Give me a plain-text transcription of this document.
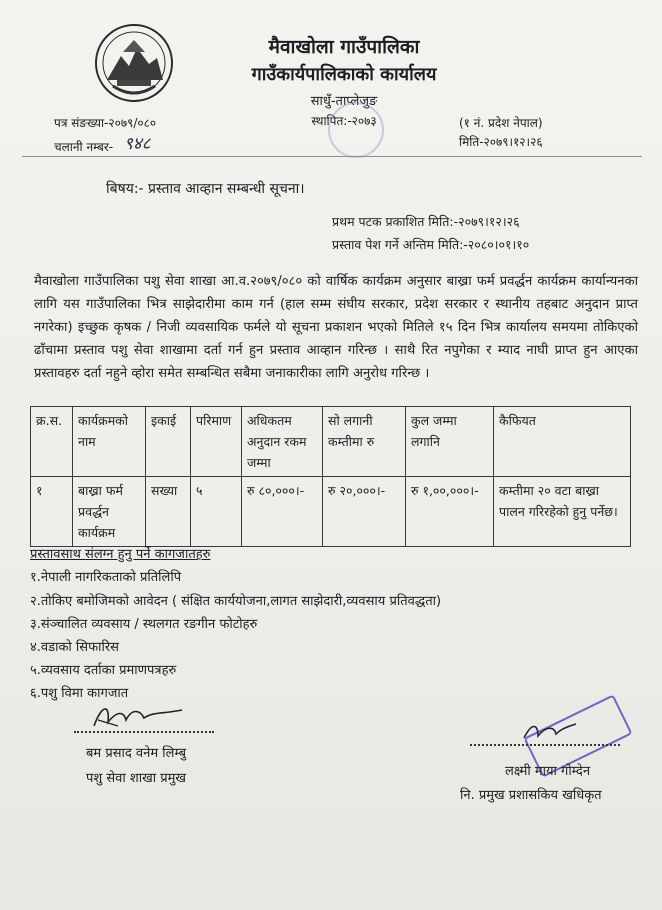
मैवाखोला गाउँपालिका
गाउँकार्यपालिकाको कार्यालय
साधुँ-ताप्लेजुङ
स्थापित:-२०७३
पत्र संङख्या-२०७९/०८०
चलानी नम्बर- ९४८
(१ नं. प्रदेश नेपाल)
मिति-२०७९।१२।२६
बिषय:- प्रस्ताव आव्हान सम्बन्धी सूचना।
प्रथम पटक प्रकाशित मिति:-२०७९।१२।२६
प्रस्ताव पेश गर्ने अन्तिम मिति:-२०८०।०१।१०
मैवाखोला गाउँपालिका पशु सेवा शाखा आ.व.२०७९/०८० को वार्षिक कार्यक्रम अनुसार बाख्रा फर्म प्रवर्द्धन कार्यक्रम कार्यान्यनका लागि यस गाउँपालिका भित्र साझेदारीमा काम गर्न (हाल सम्म संघीय सरकार, प्रदेश सरकार र स्थानीय तहबाट अनुदान प्राप्त नगरेका) इच्छुक कृषक / निजी व्यवसायिक फर्मले यो सूचना प्रकाशन भएको मितिले १५ दिन भित्र कार्यालय समयमा तोकिएको ढाँचामा प्रस्ताव पशु सेवा शाखामा दर्ता गर्न हुन प्रस्ताव आव्हान गरिन्छ । साथै रित नपुगेका र म्याद नाघी प्राप्त हुन आएका प्रस्तावहरु दर्ता नहुने व्होरा समेत सम्बन्धित सबैमा जनाकारीका लागि अनुरोध गरिन्छ ।
क्र.स.	कार्यक्रमको नाम	इकाई	परिमाण	अधिकतम अनुदान रकम जम्मा	सो लगानी कम्तीमा रु	कुल जम्मा लगानि	कैफियत
१	बाख्रा फर्म प्रवर्द्धन कार्यक्रम	सख्या	५	रु ८०,०००।-	रु २०,०००।-	रु १,००,०००।-	कम्तीमा २० वटा बाख्रा पालन गरिरहेको हुनु पर्नेछ।
प्रस्तावसाथ संलग्न हुनु पर्ने कागजातहरु
१.नेपाली नागरिकताको प्रतिलिपि
२.तोकिए बमोजिमको आवेदन ( संक्षित कार्ययोजना,लागत साझेदारी,व्यवसाय प्रतिवद्धता)
३.संञ्चालित व्यवसाय / स्थलगत रङगीन फोटोहरु
४.वडाको सिफारिस
५.व्यवसाय दर्ताका प्रमाणपत्रहरु
६.पशु विमा कागजात
बम प्रसाद वनेम लिम्बु
पशु सेवा शाखा प्रमुख	लक्ष्मी माया गोम्देन
नि. प्रमुख प्रशासकिय खधिकृत
